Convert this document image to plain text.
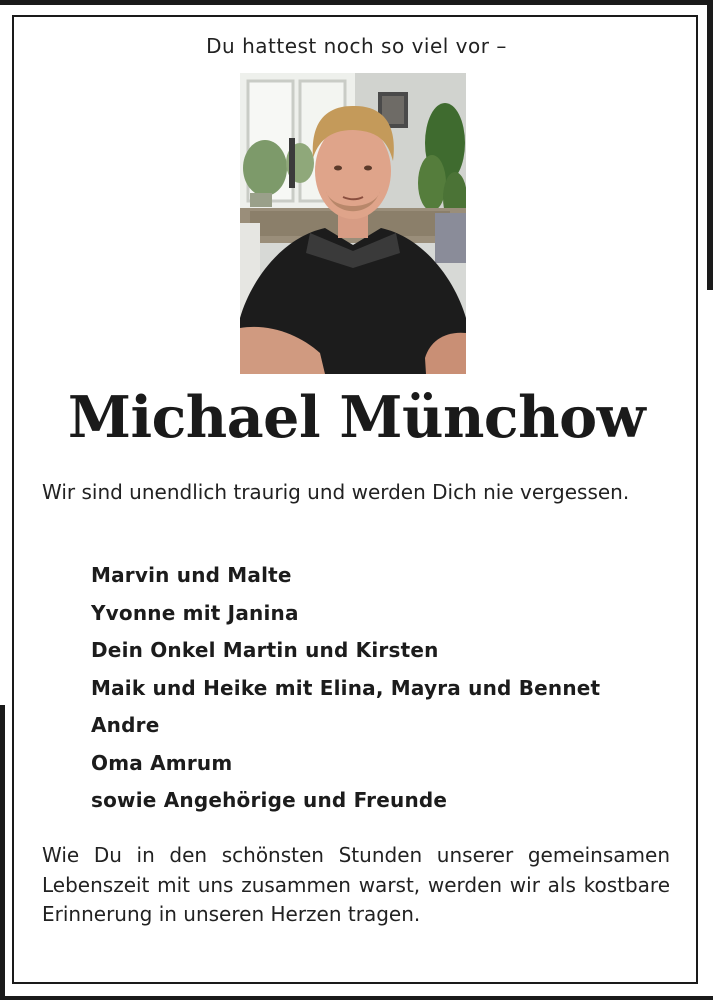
Du hattest noch so viel vor –
Michael Münchow
Wir sind unendlich traurig und werden Dich nie vergessen.
Marvin und Malte
Yvonne mit Janina
Dein Onkel Martin und Kirsten
Maik und Heike mit Elina, Mayra und Bennet
Andre
Oma Amrum
sowie Angehörige und Freunde
Wie Du in den schönsten Stunden unserer gemeinsamen Lebenszeit mit uns zusammen warst, werden wir als kostbare Erinnerung in unseren Herzen tragen.
